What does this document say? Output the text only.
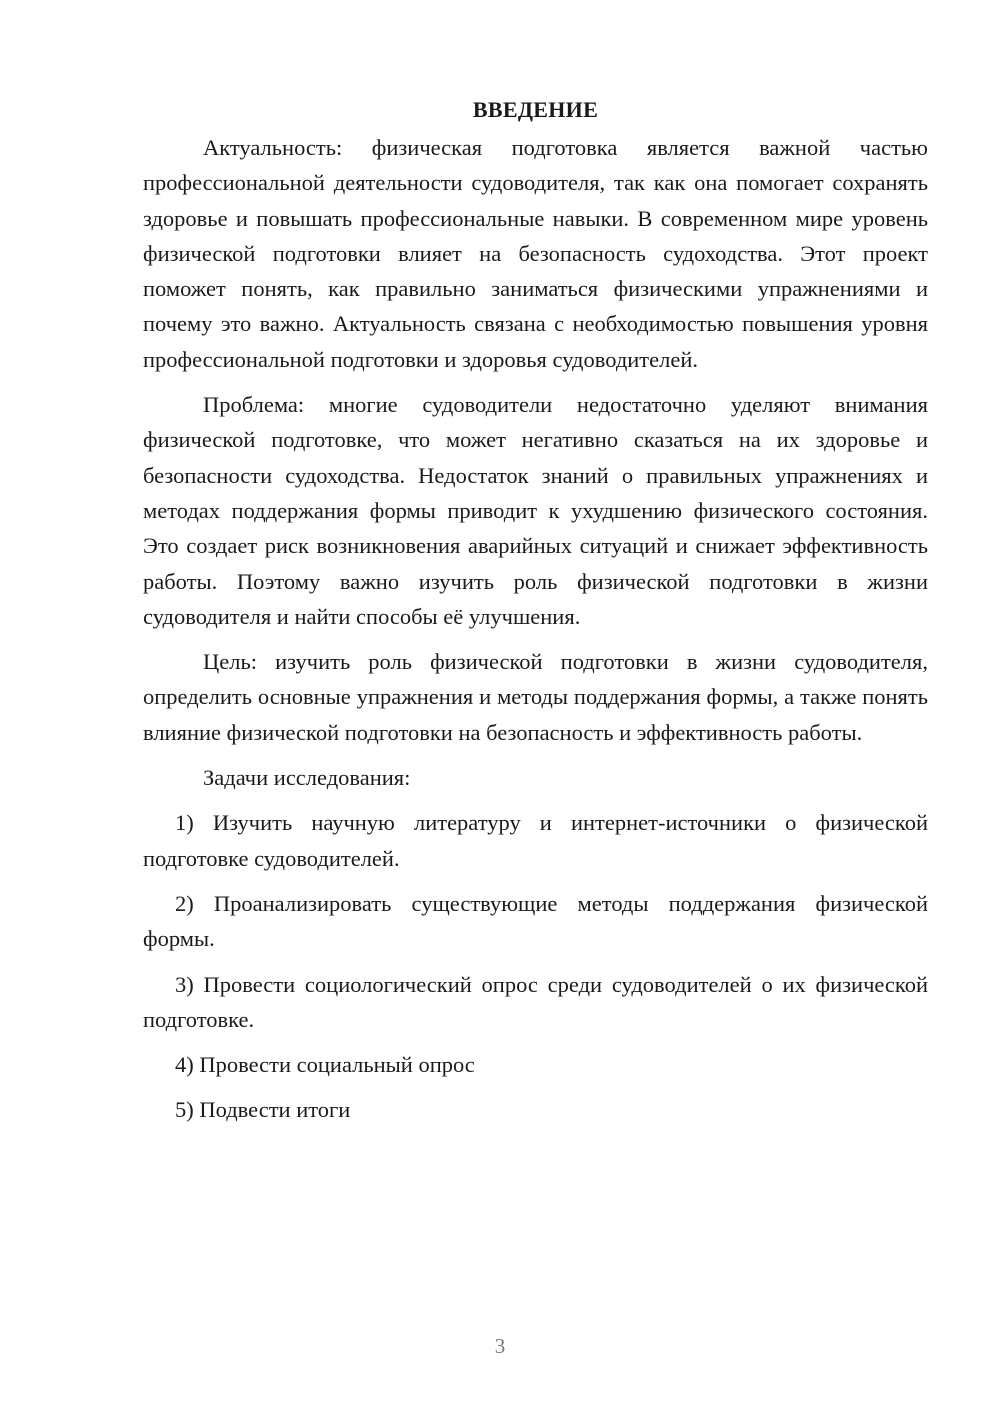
ВВЕДЕНИЕ

Актуальность: физическая подготовка является важной частью профессиональной деятельности судоводителя, так как она помогает сохранять здоровье и повышать профессиональные навыки. В современном мире уровень физической подготовки влияет на безопасность судоходства. Этот проект поможет понять, как правильно заниматься физическими упражнениями и почему это важно. Актуальность связана с необходимостью повышения уровня профессиональной подготовки и здоровья судоводителей.

Проблема: многие судоводители недостаточно уделяют внимания физической подготовке, что может негативно сказаться на их здоровье и безопасности судоходства. Недостаток знаний о правильных упражнениях и методах поддержания формы приводит к ухудшению физического состояния. Это создает риск возникновения аварийных ситуаций и снижает эффективность работы. Поэтому важно изучить роль физической подготовки в жизни судоводителя и найти способы её улучшения.

Цель: изучить роль физической подготовки в жизни судоводителя, определить основные упражнения и методы поддержания формы, а также понять влияние физической подготовки на безопасность и эффективность работы.

Задачи исследования:

1) Изучить научную литературу и интернет-источники о физической подготовке судоводителей.

2) Проанализировать существующие методы поддержания физической формы.

3) Провести социологический опрос среди судоводителей о их физической подготовке.

4) Провести социальный опрос

5) Подвести итоги

3
